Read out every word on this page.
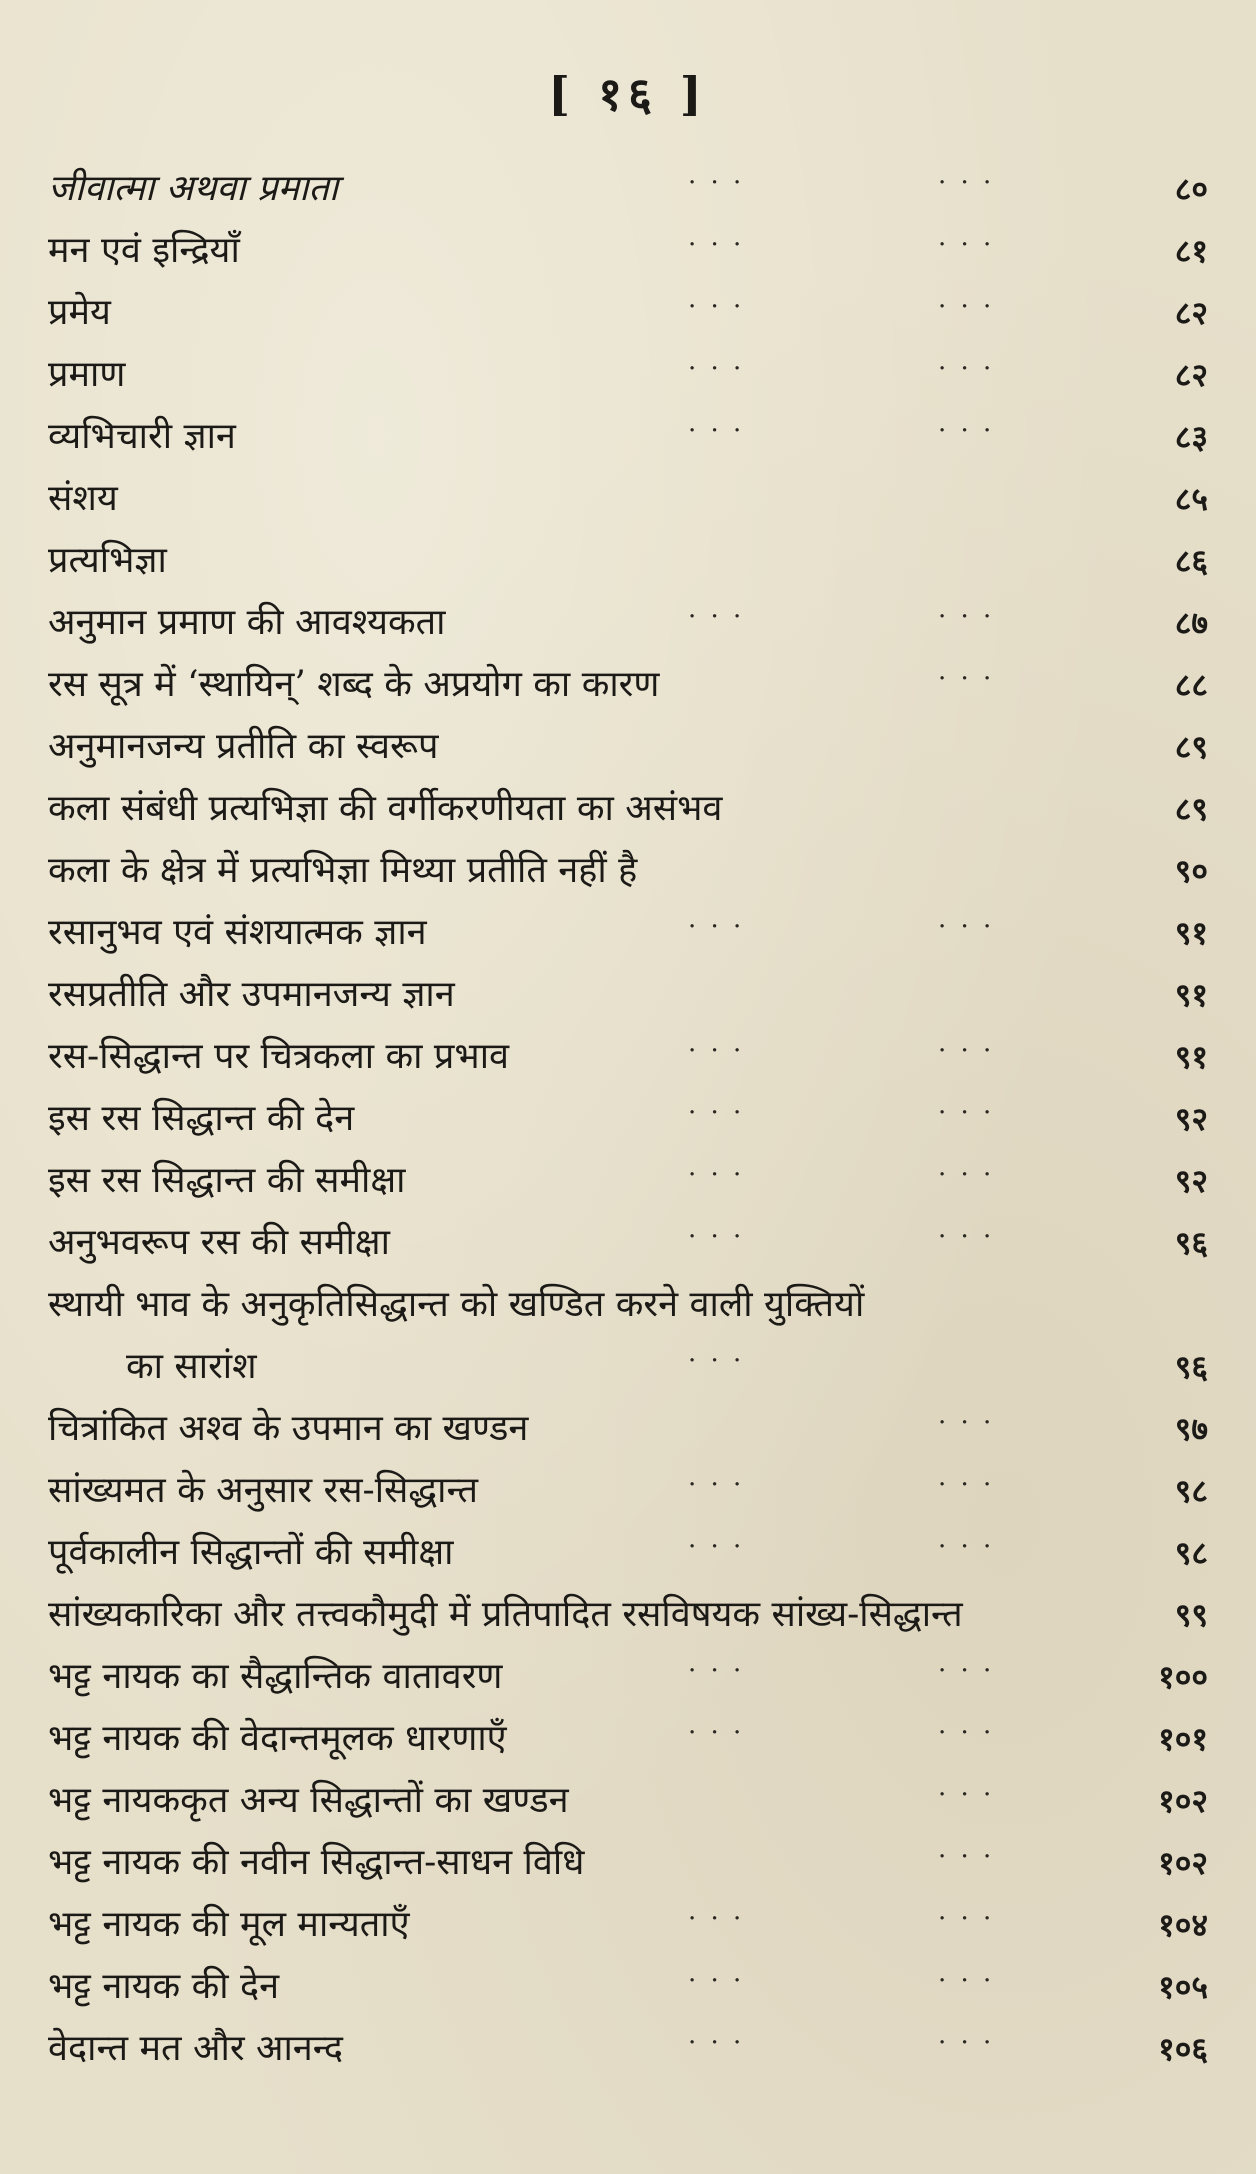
[ १६ ]
जीवात्मा अथवा प्रमाता	· · ·	· · ·	८०
मन एवं इन्द्रियाँ	· · ·	· · ·	८१
प्रमेय	· · ·	· · ·	८२
प्रमाण	· · ·	· · ·	८२
व्यभिचारी ज्ञान	· · ·	· · ·	८३
संशय	८५
प्रत्यभिज्ञा	८६
अनुमान प्रमाण की आवश्यकता	· · ·	· · ·	८७
रस सूत्र में ‘स्थायिन्’ शब्द के अप्रयोग का कारण	· · ·	८८
अनुमानजन्य प्रतीति का स्वरूप	८९
कला संबंधी प्रत्यभिज्ञा की वर्गीकरणीयता का असंभव	८९
कला के क्षेत्र में प्रत्यभिज्ञा मिथ्या प्रतीति नहीं है	९०
रसानुभव एवं संशयात्मक ज्ञान	· · ·	· · ·	९१
रसप्रतीति और उपमानजन्य ज्ञान	९१
रस-सिद्धान्त पर चित्रकला का प्रभाव	· · ·	· · ·	९१
इस रस सिद्धान्त की देन	· · ·	· · ·	९२
इस रस सिद्धान्त की समीक्षा	· · ·	· · ·	९२
अनुभवरूप रस की समीक्षा	· · ·	· · ·	९६
स्थायी भाव के अनुकृतिसिद्धान्त को खण्डित करने वाली युक्तियों
का सारांश	· · ·	९६
चित्रांकित अश्व के उपमान का खण्डन	· · ·	९७
सांख्यमत के अनुसार रस-सिद्धान्त	· · ·	· · ·	९८
पूर्वकालीन सिद्धान्तों की समीक्षा	· · ·	· · ·	९८
सांख्यकारिका और तत्त्वकौमुदी में प्रतिपादित रसविषयक सांख्य-सिद्धान्त	९९
भट्ट नायक का सैद्धान्तिक वातावरण	· · ·	· · ·	१००
भट्ट नायक की वेदान्तमूलक धारणाएँ	· · ·	· · ·	१०१
भट्ट नायककृत अन्य सिद्धान्तों का खण्डन	· · ·	१०२
भट्ट नायक की नवीन सिद्धान्त-साधन विधि	· · ·	१०२
भट्ट नायक की मूल मान्यताएँ	· · ·	· · ·	१०४
भट्ट नायक की देन	· · ·	· · ·	१०५
वेदान्त मत और आनन्द	· · ·	· · ·	१०६
